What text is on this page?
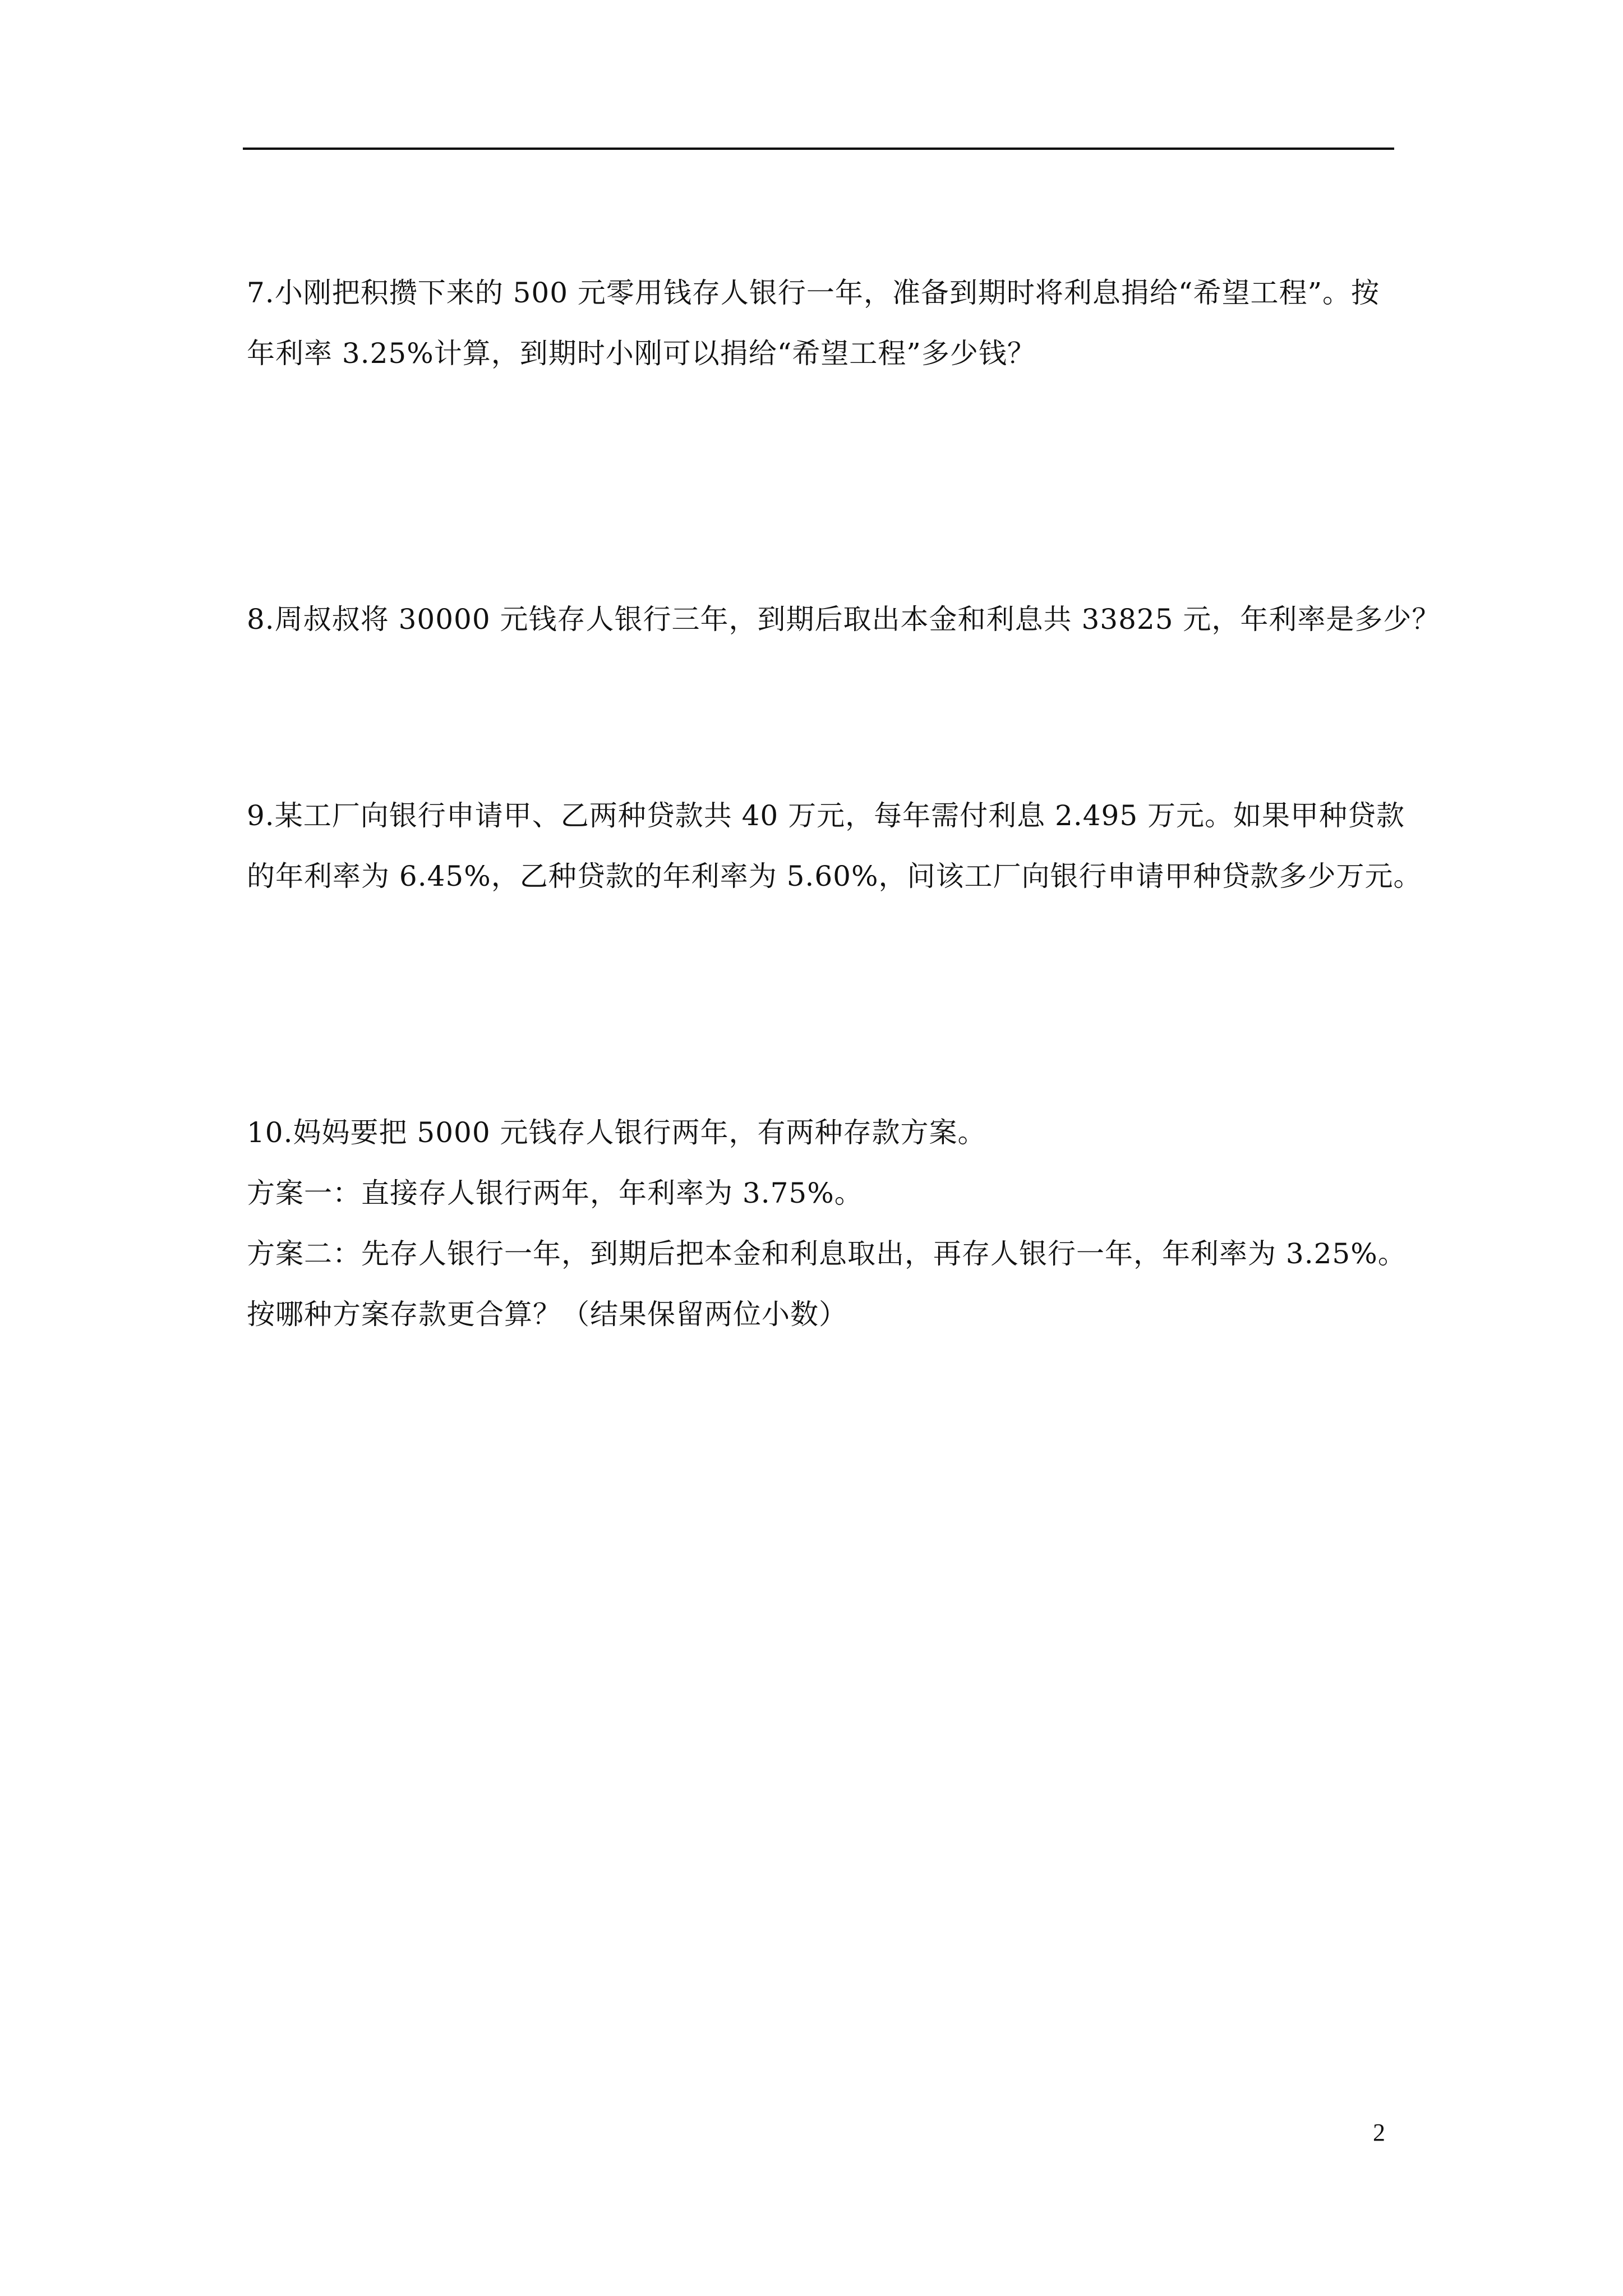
7.小刚把积攒下来的 500 元零用钱存人银行一年，准备到期时将利息捐给“希望工程”。按
年利率 3.25%计算，到期时小刚可以捐给“希望工程”多少钱？
8.周叔叔将 30000 元钱存人银行三年，到期后取出本金和利息共 33825 元，年利率是多少？
9.某工厂向银行申请甲、乙两种贷款共 40 万元，每年需付利息 2.495 万元。如果甲种贷款
的年利率为 6.45%，乙种贷款的年利率为 5.60%，问该工厂向银行申请甲种贷款多少万元。
10.妈妈要把 5000 元钱存人银行两年，有两种存款方案。
方案一：直接存人银行两年，年利率为 3.75%。
方案二：先存人银行一年，到期后把本金和利息取出，再存人银行一年，年利率为 3.25%。
按哪种方案存款更合算？（结果保留两位小数）
2
